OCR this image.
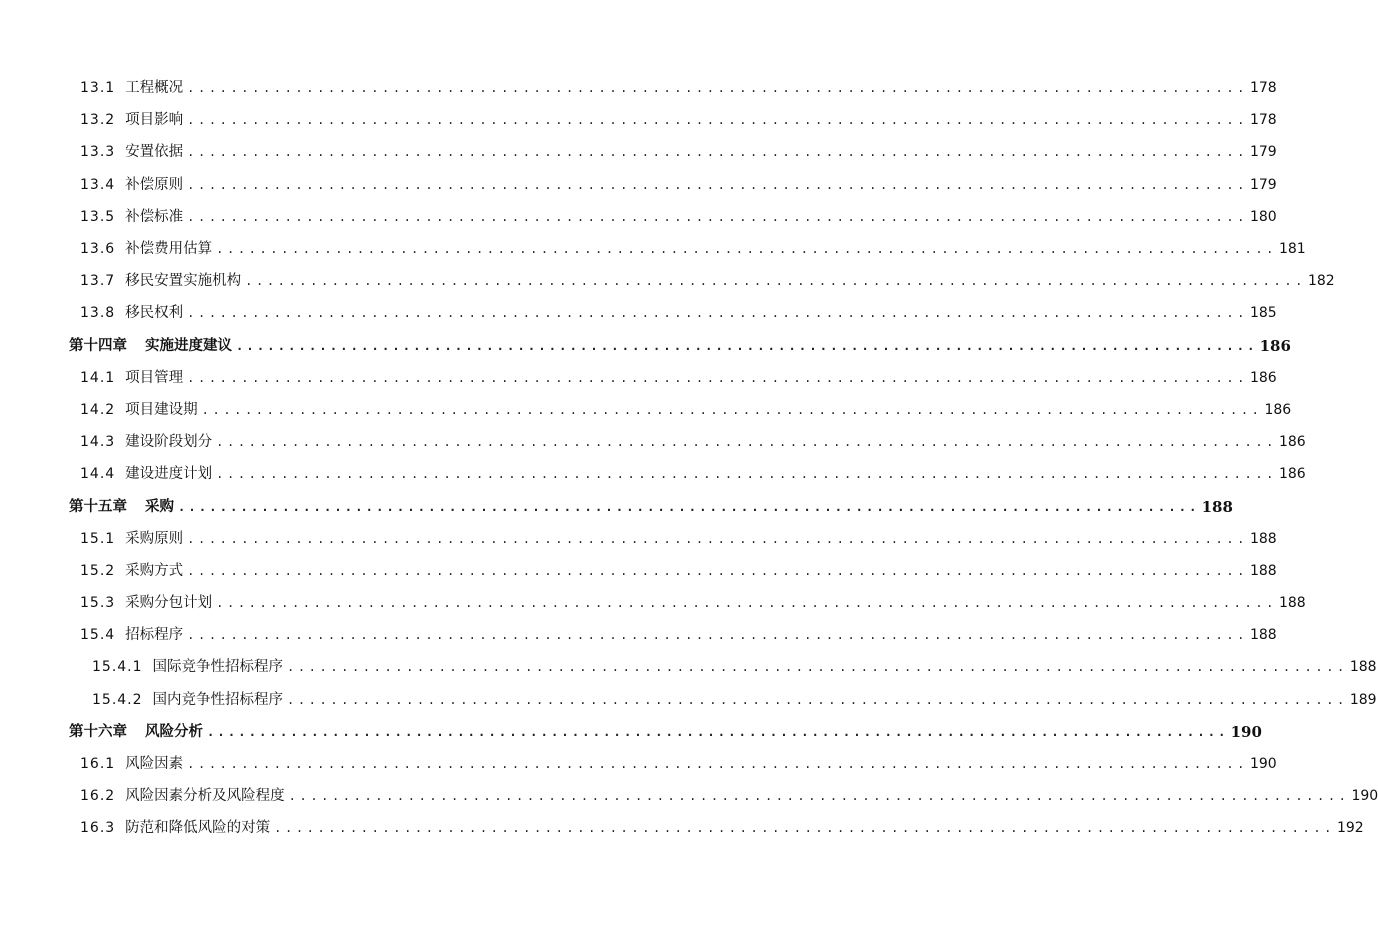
13.1 工程概况 .................................................................................................. 178
13.2 项目影响 .................................................................................................. 178
13.3 安置依据 .................................................................................................. 179
13.4 补偿原则 .................................................................................................. 179
13.5 补偿标准 .................................................................................................. 180
13.6 补偿费用估算 .................................................................................................. 181
13.7 移民安置实施机构 .................................................................................................. 182
13.8 移民权利 .................................................................................................. 185
第十四章 实施进度建议 .................................................................................................. 186
14.1 项目管理 .................................................................................................. 186
14.2 项目建设期 .................................................................................................. 186
14.3 建设阶段划分 .................................................................................................. 186
14.4 建设进度计划 .................................................................................................. 186
第十五章 采购 .................................................................................................. 188
15.1 采购原则 .................................................................................................. 188
15.2 采购方式 .................................................................................................. 188
15.3 采购分包计划 .................................................................................................. 188
15.4 招标程序 .................................................................................................. 188
15.4.1 国际竞争性招标程序 .................................................................................................. 188
15.4.2 国内竞争性招标程序 .................................................................................................. 189
第十六章 风险分析 .................................................................................................. 190
16.1 风险因素 .................................................................................................. 190
16.2 风险因素分析及风险程度 .................................................................................................. 190
16.3 防范和降低风险的对策 .................................................................................................. 192
